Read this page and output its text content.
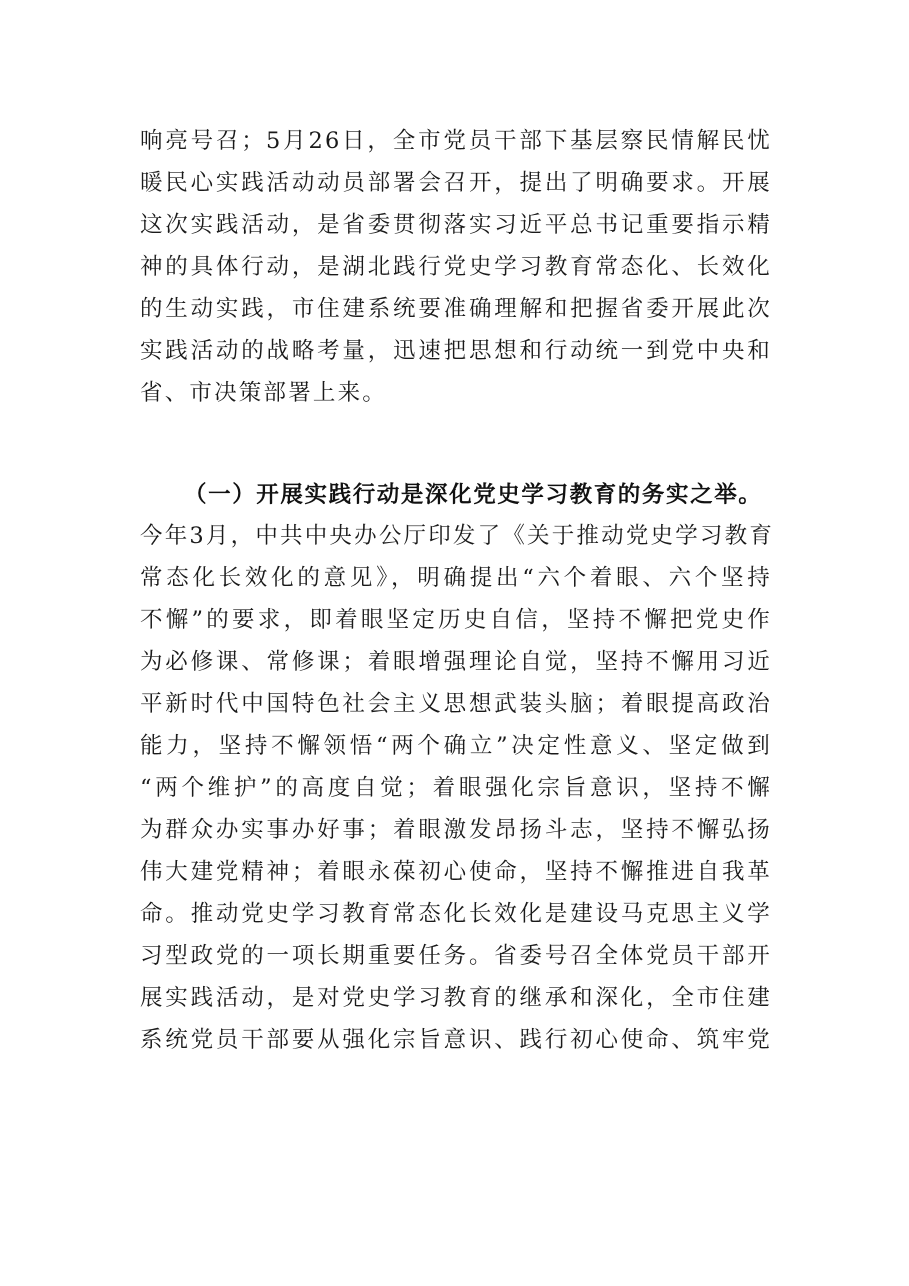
响亮号召；5月26日，全市党员干部下基层察民情解民忧
暖民心实践活动动员部署会召开，提出了明确要求。开展
这次实践活动，是省委贯彻落实习近平总书记重要指示精
神的具体行动，是湖北践行党史学习教育常态化、长效化
的生动实践，市住建系统要准确理解和把握省委开展此次
实践活动的战略考量，迅速把思想和行动统一到党中央和
省、市决策部署上来。
（一）开展实践行动是深化党史学习教育的务实之举。
今年3月，中共中央办公厅印发了《关于推动党史学习教育
常态化长效化的意见》，明确提出“六个着眼、六个坚持
不懈”的要求，即着眼坚定历史自信，坚持不懈把党史作
为必修课、常修课；着眼增强理论自觉，坚持不懈用习近
平新时代中国特色社会主义思想武装头脑；着眼提高政治
能力，坚持不懈领悟“两个确立”决定性意义、坚定做到
“两个维护”的高度自觉；着眼强化宗旨意识，坚持不懈
为群众办实事办好事；着眼激发昂扬斗志，坚持不懈弘扬
伟大建党精神；着眼永葆初心使命，坚持不懈推进自我革
命。推动党史学习教育常态化长效化是建设马克思主义学
习型政党的一项长期重要任务。省委号召全体党员干部开
展实践活动，是对党史学习教育的继承和深化，全市住建
系统党员干部要从强化宗旨意识、践行初心使命、筑牢党
